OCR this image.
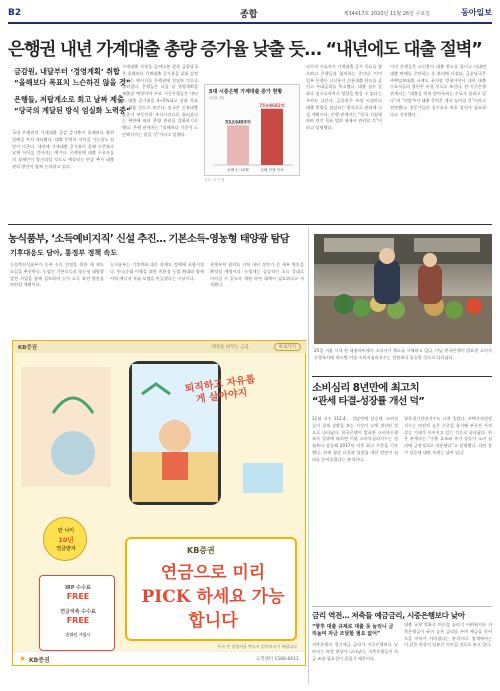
B2	종합	제34417호 2020년 11월 26일 수요일	동아일보
은행권 내년 가계대출 총량 증가율 낮출 듯… “내년에도 대출 절벽”
금감원, 내달부터 ‘경영계획’ 취합
“올해보다 목표치 느슨하진 않을 것”
은행들, 저탑계소로 회고 날짜 제출
“당국의 계달된 방식 엄실화 노력중”
국내 은행권의 가계대출 증감 증가추이 올해보다 훨씬 엄해질 여지 내다봤다. 대출 문턱이 이어질 가능성도 전망이 나온다. 내년에 가계대출 증가율이 올해 수준보다 낮게 이어질 것이라는 얘기다. 은행권에 대출 수요자들의 경제난이 불가피할 것으로 예상되는 만큼 추가 대출 관리 방안이 함께 논의되고 있다.
가계대출 사정을 들여다본 결과 금융당국은 올해보다 가계대출 증가율을 낮춰 설정하라는 메시지를 은행권에 전달한 것으로 알려졌다. 은행들은 다음 달 경영계획을 제출할 예정이며 주요 시중은행들은 내년도 대출 증가율을 4~5%대로 낮춰 목표를 세울 것으로 보인다. 당국은 신용대출 급증이 부동산과 주식시장으로 흘러갔다는 판단에 따라 총량 관리를 강화하기로 했다. 은행 관계자는 “올해보다 기준이 느슨해지지는 않을 것”이라고 말했다.
53조6493억
올해 1~10월
75조8682억
올해 전체 목표
5대 시중은행 가계대출 증가 현황
(단위: 원)
자료: 각 은행
다수의 수요자가 가계대출 증가 목표를 잡으려고 은행들과 협의하는 중이다. 이미 일부 은행은 고신용자 신용대출 한도를 줄이고 우대금리를 축소했다. 대출 심사 강화로 실수요자까지 영향을 받을 수 있다는 우려도 나온다. 금융권은 특정 시점마다 대출 총량을 점검하는 방식으로 관리에 나설 계획이다. 은행 관계자는 “당국 지침에 따라 연간 목표 범위 내에서 관리할 것”이라고 설명했다.
이미 은행들은 고신용자 대출 한도를 줄이고 비대면 대출 판매를 중단하는 등 관리에 나섰다. 금융당국은 주택담보대출 규제도 유지할 방침이어서 내년 대출 수요자들의 불편은 커질 것으로 보인다. 한 시중은행 관계자는 “대출을 미리 받아두려는 수요가 몰리고 있다”며 “연말까지 대출 문턱은 계속 높아질 것”이라고 전망했다. 전문가들은 실수요자 보호 장치가 필요하다고 지적했다.
농식품부, ‘소득예비지직’ 신설 추진… 기본소득-영농형 태양광 탐담
기후대응도 담아, 통정부 정책 속도
농림축산식품부가 농촌 소득 안정을 위한 새 제도 도입을 추진한다. 농업인 기본소득과 영농형 태양광 발전 사업을 함께 검토하며 농가 소득 보전 방안을 마련할 계획이다.
농식품부는 기후변화 대응 과제도 정책에 포함시켰다. 탄소중립 이행을 위한 친환경 농업 확대와 함께 지역 에너지 자립 모델을 만들겠다는 구상이다.
관계부처 협의를 거쳐 내년 상반기 중 세부 방안을 확정할 예정이다. 농업계는 실질적인 소득 증대로 이어질 수 있도록 재원 마련 대책이 필요하다고 지적했다.
25일 서울 시내 한 대형마트에서 소비자가 채소를 구매하고 있다. 이날 한국은행이 발표한 소비자동향조사에 따르면 이달 소비자심리지수는 전월보다 상승한 것으로 나타났다.
KB증권	세상을 바꾸는 금융	바로가기
퇴직하고 자유롭게 살아야지
만 나이
10년
연금받자
IRP 수수료
FREE
연금저축 수수료
FREE
온라인 가입시
KB증권
연금으로 미리 PICK 하세요 가능합니다
투자 전 설명서를 반드시 읽어보시기 바랍니다
★ KB증권	고객센터 1588-6611
소비심리 8년만에 최고치
“관세 타결-성장률 개선 덕”
11월 지수 112.4… 석달만에 상승세. 소비자들이 경제 상황을 보는 시각이 크게 개선된 것으로 나타났다. 한국은행이 발표한 소비자동향조사 결과에 따르면 이달 소비자심리지수는 전월보다 상승해 2017년 이후 최고 수준을 기록했다. 관세 협상 타결과 성장률 개선 전망이 심리를 끌어올렸다는 분석이다.
향후경기전망지수도 크게 올랐다. 주택가격전망지수는 여전히 높은 수준을 유지해 부동산 가격 상승 기대가 이어지고 있는 것으로 나타났다. 한은 관계자는 “수출 호조와 주가 상승이 소비 심리에 긍정적으로 작용했다”고 설명했다. 다만 물가 상승에 대한 우려는 남아 있다.
금리 역전… 저축들 예금금리, 시중은행보다 낮아
“향후 대출 규제로 대출 못 늘리니 금리높여 자금 조달할 필요 없어”
저축은행의 정기예금 금리가 시중은행보다 낮아지는 역전 현상이 나타났다. 저축은행들이 자금 조달 필요성이 줄었기 때문이다.
대출 규제 강화로 여신을 늘리기 어려워지자 저축은행들이 굳이 높은 금리를 주며 예금을 끌어모을 이유가 사라졌다는 분석이다. 업계에서는 이 같은 현상이 당분간 이어질 것으로 보고 있다.
